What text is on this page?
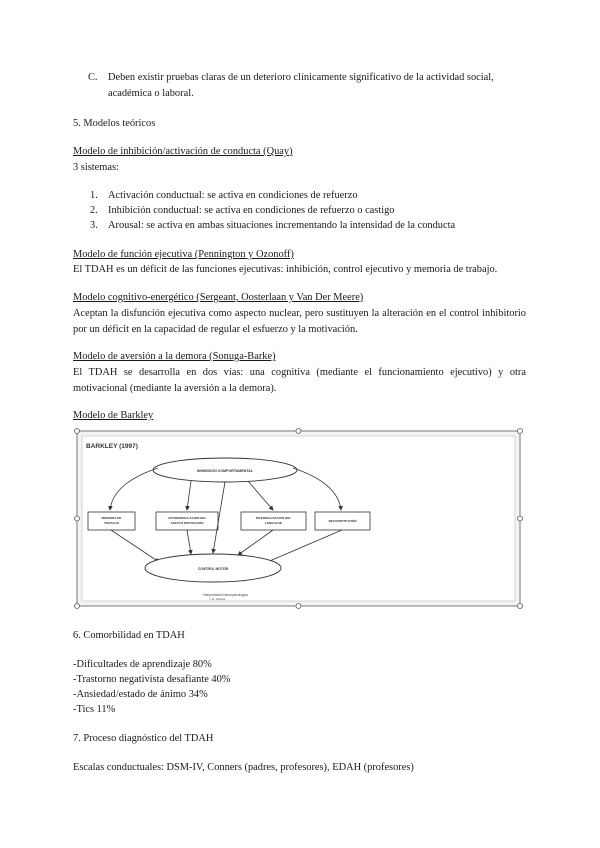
C. Deben existir pruebas claras de un deterioro clínicamente significativo de la actividad social,
académica o laboral.
5. Modelos teóricos
Modelo de inhibición/activación de conducta (Quay)
3 sistemas:
1. Activación conductual: se activa en condiciones de refuerzo
2. Inhibición conductual: se activa en condiciones de refuerzo o castigo
3. Arousal: se activa en ambas situaciones incrementando la intensidad de la conducta
Modelo de función ejecutiva (Pennington y Ozonoff)
El TDAH es un déficit de las funciones ejecutivas: inhibición, control ejecutivo y memoria de trabajo.
Modelo cognitivo-energético (Sergeant, Oosterlaan y Van Der Meere)
Aceptan la disfunción ejecutiva como aspecto nuclear, pero sustituyen la alteración en el control inhibitorio por un déficit en la capacidad de regular el esfuerzo y la motivación.
Modelo de aversión a la demora (Sonuga-Barke)
El TDAH se desarrolla en dos vías: una cognitiva (mediante el funcionamiento ejecutivo) y otra motivacional (mediante la aversión a la demora).
Modelo de Barkley
BARKLEY (1997)
INHIBICIÓN COMPORTAMENTAL
MEMORIA DE TRABAJO
AUTORREGULACIÓN DEL AFECTO MOTIVACIÓN
INTERNALIZACIÓN DEL LENGUAJE	RECONSTITUCIÓN
CONTROL MOTOR
Interpretación Neuropsicológica
J. R. García
6. Comorbilidad en TDAH
-Dificultades de aprendizaje 80%
-Trastorno negativista desafiante 40%
-Ansiedad/estado de ánimo 34%
-Tics 11%
7. Proceso diagnóstico del TDAH
Escalas conductuales: DSM-IV, Conners (padres, profesores), EDAH (profesores)
